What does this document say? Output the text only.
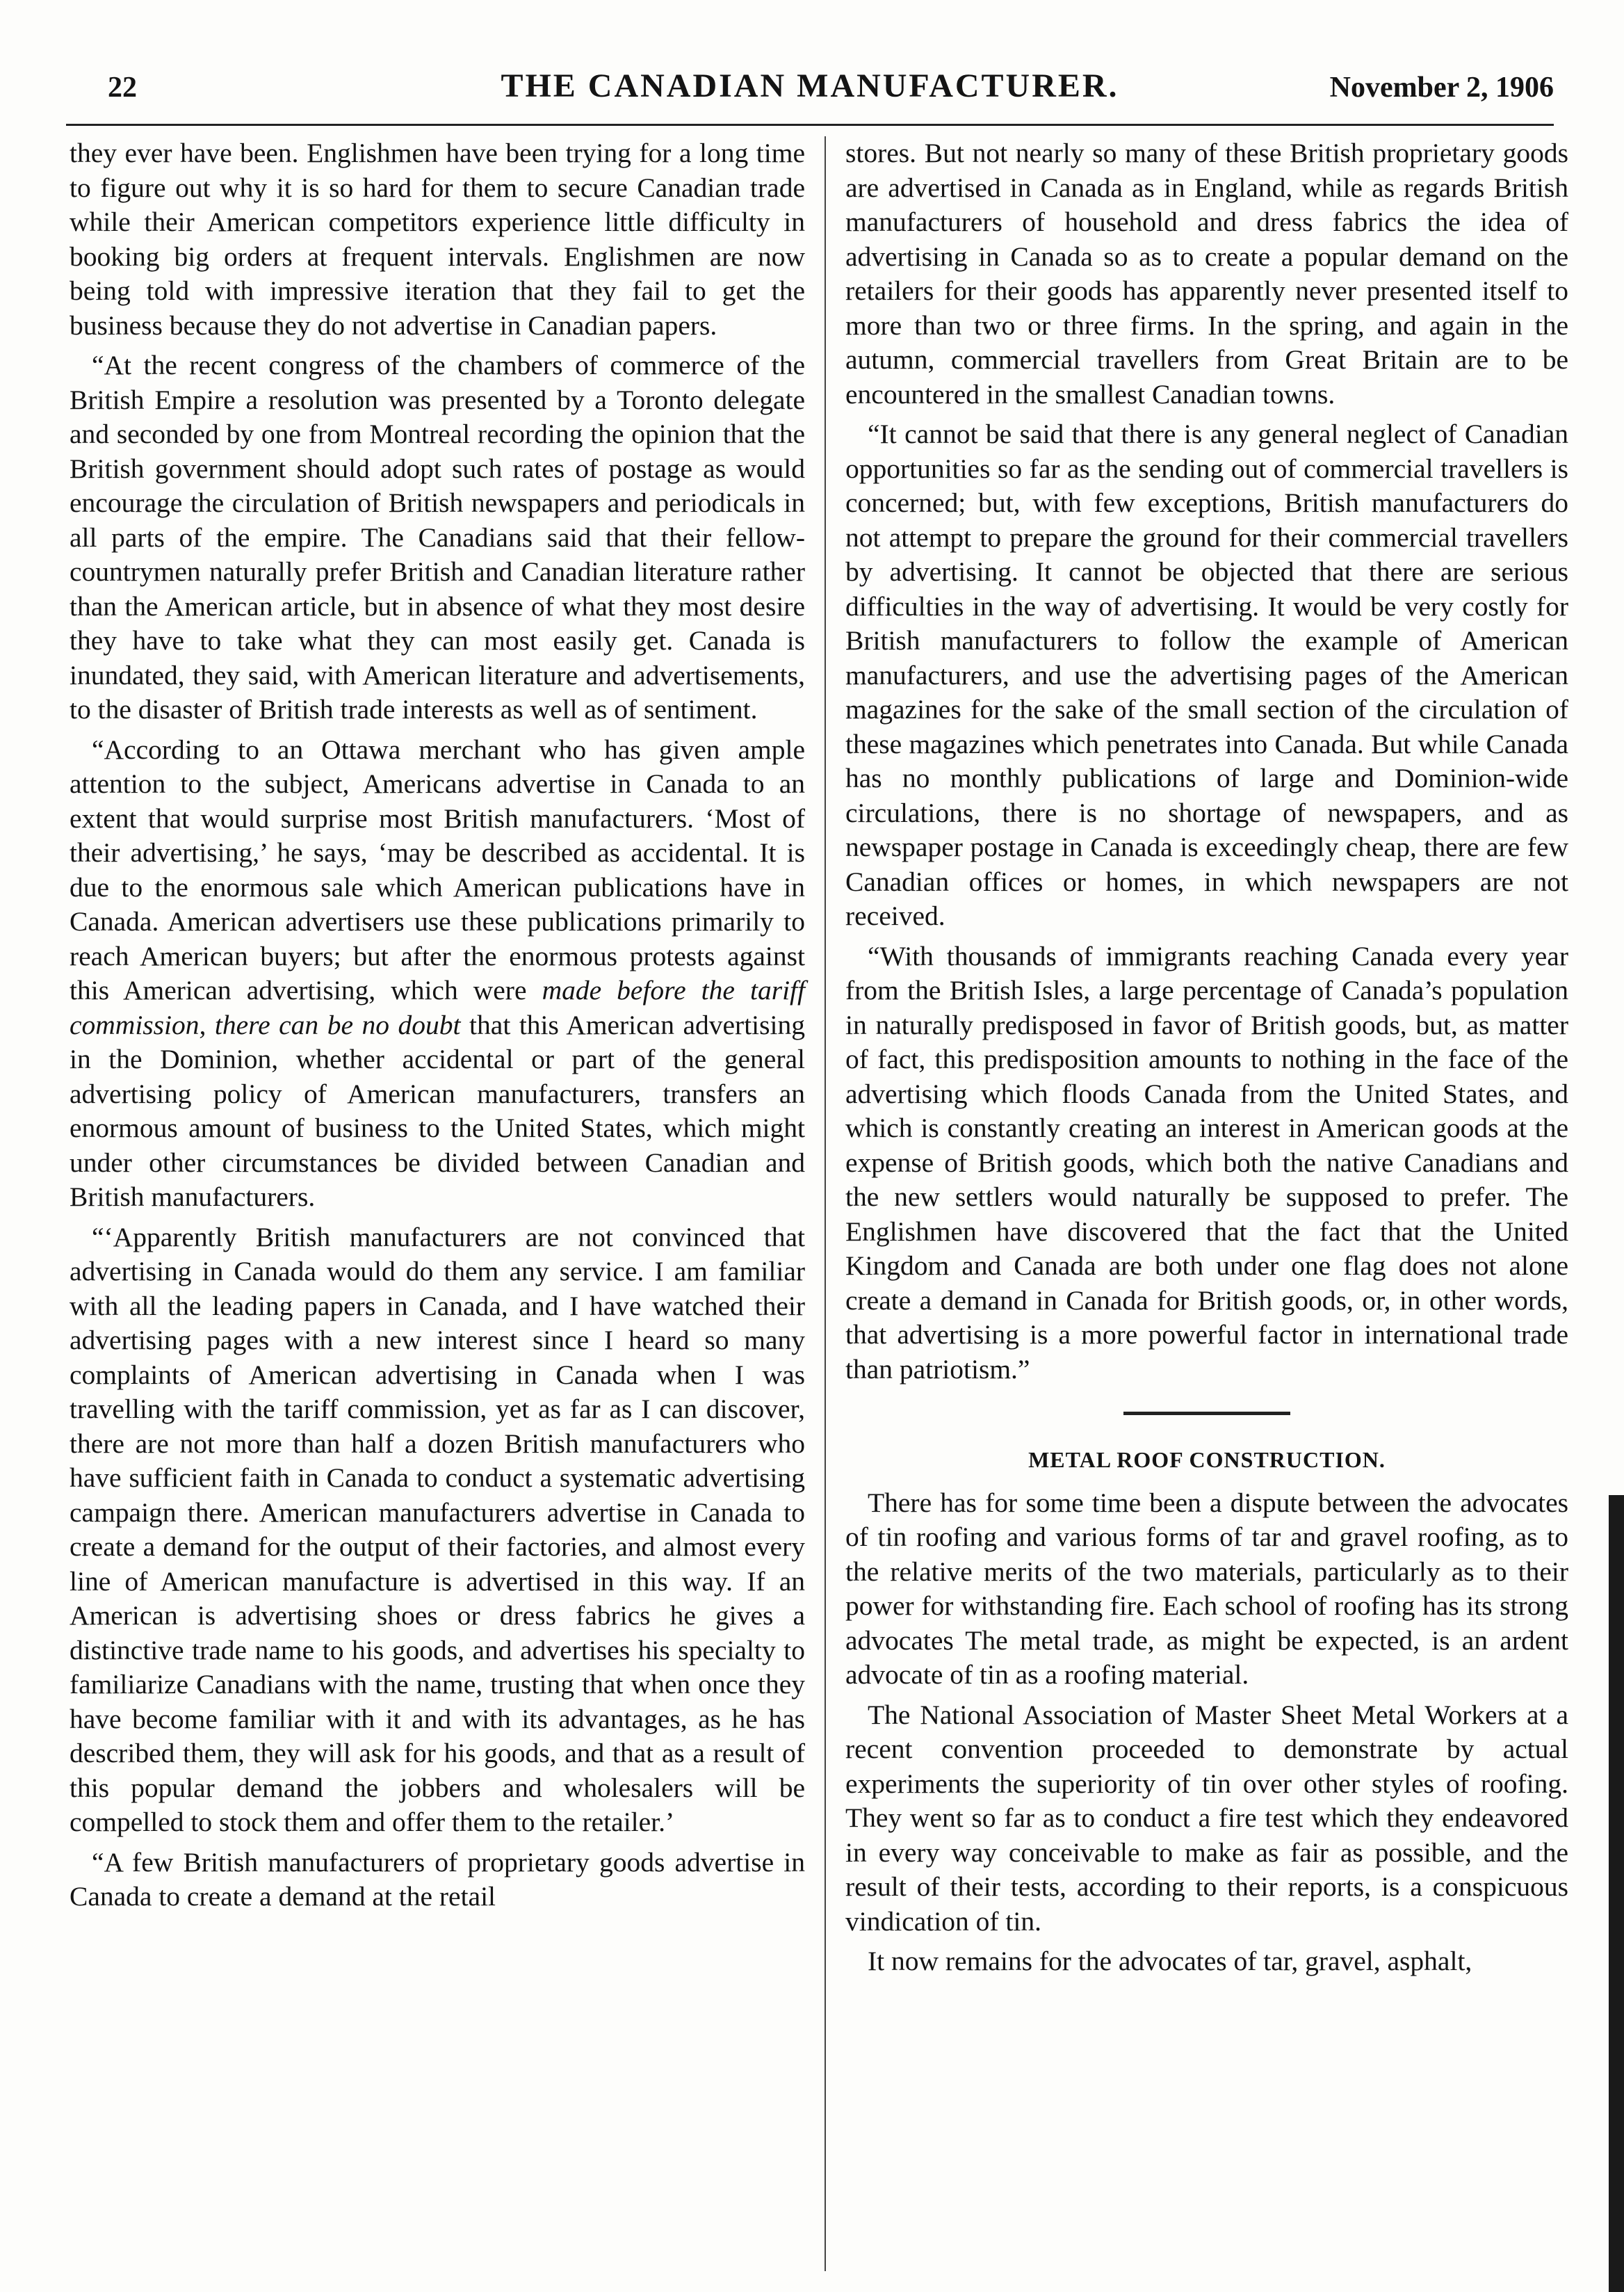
22	THE CANADIAN MANUFACTURER.	November 2, 1906

they ever have been. Englishmen have been trying for a long time to figure out why it is so hard for them to secure Canadian trade while their American competitors experience little difficulty in booking big orders at frequent intervals. Englishmen are now being told with impressive iteration that they fail to get the business because they do not advertise in Canadian papers.

“At the recent congress of the chambers of commerce of the British Empire a resolution was presented by a Toronto delegate and seconded by one from Montreal recording the opinion that the British government should adopt such rates of postage as would encourage the circulation of British newspapers and periodicals in all parts of the empire. The Canadians said that their fellow-countrymen naturally prefer British and Canadian literature rather than the American article, but in absence of what they most desire they have to take what they can most easily get. Canada is inundated, they said, with American literature and advertisements, to the disaster of British trade interests as well as of sentiment.

“According to an Ottawa merchant who has given ample attention to the subject, Americans advertise in Canada to an extent that would surprise most British manufacturers. ‘Most of their advertising,’ he says, ‘may be described as accidental. It is due to the enormous sale which American publications have in Canada. American advertisers use these publications primarily to reach American buyers; but after the enormous protests against this American advertising, which were made before the tariff commission, there can be no doubt that this American advertising in the Dominion, whether accidental or part of the general advertising policy of American manufacturers, transfers an enormous amount of business to the United States, which might under other circumstances be divided between Canadian and British manufacturers.

“‘Apparently British manufacturers are not convinced that advertising in Canada would do them any service. I am familiar with all the leading papers in Canada, and I have watched their advertising pages with a new interest since I heard so many complaints of American advertising in Canada when I was travelling with the tariff commission, yet as far as I can discover, there are not more than half a dozen British manufacturers who have sufficient faith in Canada to conduct a systematic advertising campaign there. American manufacturers advertise in Canada to create a demand for the output of their factories, and almost every line of American manufacture is advertised in this way. If an American is advertising shoes or dress fabrics he gives a distinctive trade name to his goods, and advertises his specialty to familiarize Canadians with the name, trusting that when once they have become familiar with it and with its advantages, as he has described them, they will ask for his goods, and that as a result of this popular demand the jobbers and wholesalers will be compelled to stock them and offer them to the retailer.’

“A few British manufacturers of proprietary goods advertise in Canada to create a demand at the retail

stores. But not nearly so many of these British proprietary goods are advertised in Canada as in England, while as regards British manufacturers of household and dress fabrics the idea of advertising in Canada so as to create a popular demand on the retailers for their goods has apparently never presented itself to more than two or three firms. In the spring, and again in the autumn, commercial travellers from Great Britain are to be encountered in the smallest Canadian towns.

“It cannot be said that there is any general neglect of Canadian opportunities so far as the sending out of commercial travellers is concerned; but, with few exceptions, British manufacturers do not attempt to prepare the ground for their commercial travellers by advertising. It cannot be objected that there are serious difficulties in the way of advertising. It would be very costly for British manufacturers to follow the example of American manufacturers, and use the advertising pages of the American magazines for the sake of the small section of the circulation of these magazines which penetrates into Canada. But while Canada has no monthly publications of large and Dominion-wide circulations, there is no shortage of newspapers, and as newspaper postage in Canada is exceedingly cheap, there are few Canadian offices or homes, in which newspapers are not received.

“With thousands of immigrants reaching Canada every year from the British Isles, a large percentage of Canada’s population in naturally predisposed in favor of British goods, but, as matter of fact, this predisposition amounts to nothing in the face of the advertising which floods Canada from the United States, and which is constantly creating an interest in American goods at the expense of British goods, which both the native Canadians and the new settlers would naturally be supposed to prefer. The Englishmen have discovered that the fact that the United Kingdom and Canada are both under one flag does not alone create a demand in Canada for British goods, or, in other words, that advertising is a more powerful factor in international trade than patriotism.”

METAL ROOF CONSTRUCTION.

There has for some time been a dispute between the advocates of tin roofing and various forms of tar and gravel roofing, as to the relative merits of the two materials, particularly as to their power for withstanding fire. Each school of roofing has its strong advocates The metal trade, as might be expected, is an ardent advocate of tin as a roofing material.

The National Association of Master Sheet Metal Workers at a recent convention proceeded to demonstrate by actual experiments the superiority of tin over other styles of roofing. They went so far as to conduct a fire test which they endeavored in every way conceivable to make as fair as possible, and the result of their tests, according to their reports, is a conspicuous vindication of tin.

It now remains for the advocates of tar, gravel, asphalt,
